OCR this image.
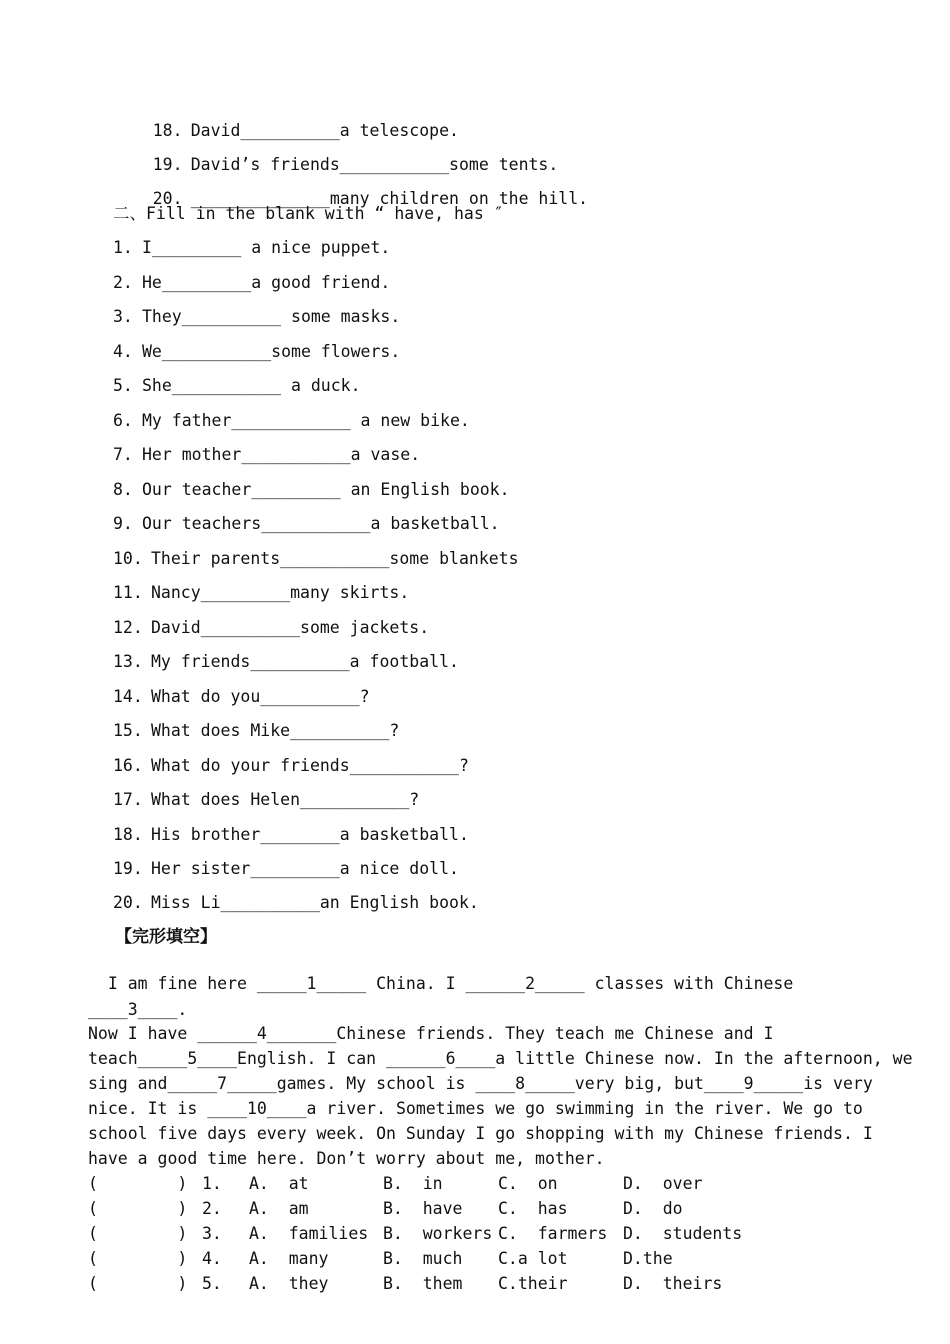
18. David__________a telescope.

19. David’s friends___________some tents.

20. ______________many children on the hill.

二、Fill in the blank with “ have, has ″
1. I_________ a nice puppet.
2. He_________a good friend.
3. They__________ some masks.
4. We___________some flowers.
5. She___________ a duck.
6. My father____________ a new bike.
7. Her mother___________a vase.
8. Our teacher_________ an English book.
9. Our teachers___________a basketball.
10. Their parents___________some blankets
11. Nancy_________many skirts.
12. David__________some jackets.
13. My friends__________a football.
14. What do you__________?
15. What does Mike__________?
16. What do your friends___________?
17. What does Helen___________?
18. His brother________a basketball.
19. Her sister_________a nice doll.
20. Miss Li__________an English book.
【完形填空】
I am fine here _____1_____ China. I ______2_____ classes with Chinese
____3____.
Now I have ______4_______Chinese friends. They teach me Chinese and I
teach_____5____English. I can ______6____a little Chinese now. In the afternoon, we
sing and_____7_____games. My school is ____8_____very big, but____9_____is very
nice. It is ____10____a river. Sometimes we go swimming in the river. We go to
school five days every week. On Sunday I go shopping with my Chinese friends. I
have a good time here. Don’t worry about me, mother.
(        ) 1. A.  at	B.  in	C.  on	D.  over
(        ) 2. A.  am	B.  have C.  has	D.  do
(        ) 3. A.  families B.  workers C.  farmers D.  students
(        ) 4. A.  many	B.  much C.a lot	D.the
(        ) 5. A.  they	B.  them C.their	D.  theirs
